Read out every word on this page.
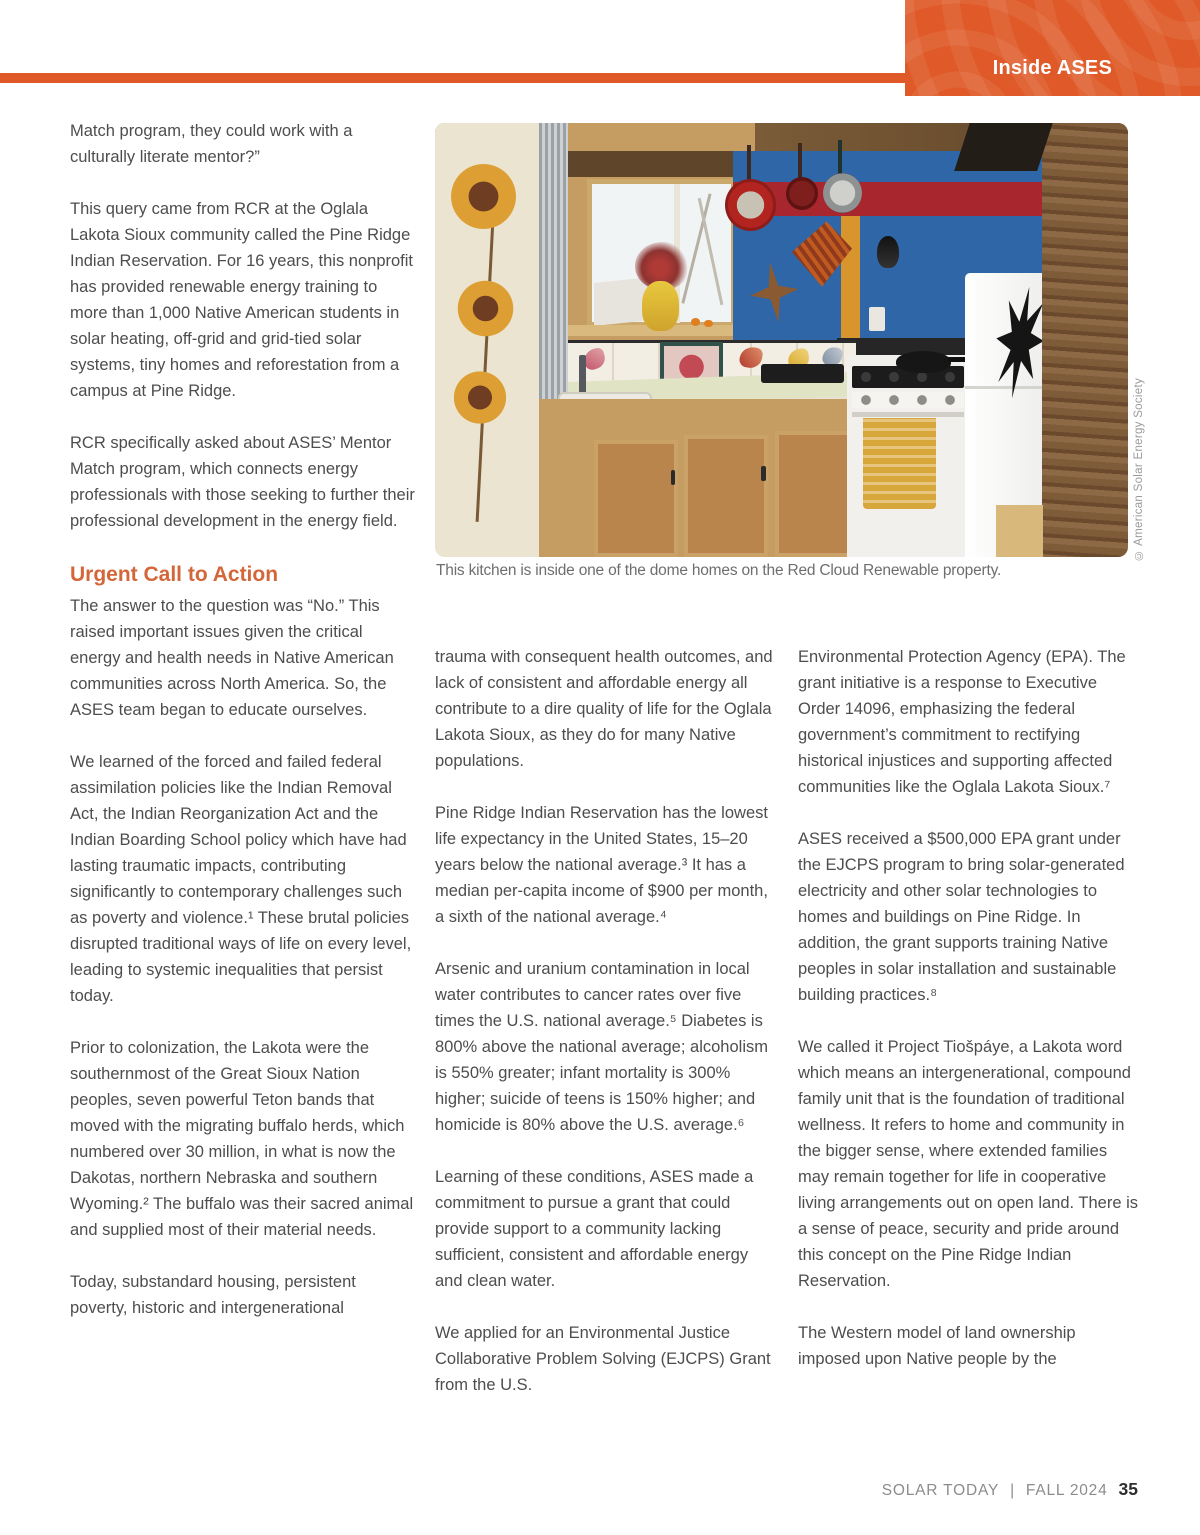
Inside ASES
This kitchen is inside one of the dome homes on the Red Cloud Renewable property.
© American Solar Energy Society

Match program, they could work with a culturally literate mentor?”

This query came from RCR at the Oglala Lakota Sioux community called the Pine Ridge Indian Reservation. For 16 years, this nonprofit has provided renewable energy training to more than 1,000 Native American students in solar heating, off-grid and grid-tied solar systems, tiny homes and reforestation from a campus at Pine Ridge.

RCR specifically asked about ASES’ Mentor Match program, which connects energy professionals with those seeking to further their professional development in the energy field.

Urgent Call to Action

The answer to the question was “No.” This raised important issues given the critical energy and health needs in Native American communities across North America. So, the ASES team began to educate ourselves.

We learned of the forced and failed federal assimilation policies like the Indian Removal Act, the Indian Reorganization Act and the Indian Boarding School policy which have had lasting traumatic impacts, contributing significantly to contemporary challenges such as poverty and violence.¹ These brutal policies disrupted traditional ways of life on every level, leading to systemic inequalities that persist today.

Prior to colonization, the Lakota were the southernmost of the Great Sioux Nation peoples, seven powerful Teton bands that moved with the migrating buffalo herds, which numbered over 30 million, in what is now the Dakotas, northern Nebraska and southern Wyoming.² The buffalo was their sacred animal and supplied most of their material needs.

Today, substandard housing, persistent poverty, historic and intergenerational

trauma with consequent health outcomes, and lack of consistent and affordable energy all contribute to a dire quality of life for the Oglala Lakota Sioux, as they do for many Native populations.

Pine Ridge Indian Reservation has the lowest life expectancy in the United States, 15–20 years below the national average.³ It has a median per-capita income of $900 per month, a sixth of the national average.⁴

Arsenic and uranium contamination in local water contributes to cancer rates over five times the U.S. national average.⁵ Diabetes is 800% above the national average; alcoholism is 550% greater; infant mortality is 300% higher; suicide of teens is 150% higher; and homicide is 80% above the U.S. average.⁶

Learning of these conditions, ASES made a commitment to pursue a grant that could provide support to a community lacking sufficient, consistent and affordable energy and clean water.

We applied for an Environmental Justice Collaborative Problem Solving (EJCPS) Grant from the U.S.

Environmental Protection Agency (EPA). The grant initiative is a response to Executive Order 14096, emphasizing the federal government’s commitment to rectifying historical injustices and supporting affected communities like the Oglala Lakota Sioux.⁷

ASES received a $500,000 EPA grant under the EJCPS program to bring solar-generated electricity and other solar technologies to homes and buildings on Pine Ridge. In addition, the grant supports training Native peoples in solar installation and sustainable building practices.⁸

We called it Project Tiošpáye, a Lakota word which means an intergenerational, compound family unit that is the foundation of traditional wellness. It refers to home and community in the bigger sense, where extended families may remain together for life in cooperative living arrangements out on open land. There is a sense of peace, security and pride around this concept on the Pine Ridge Indian Reservation.

The Western model of land ownership imposed upon Native people by the

SOLAR TODAY | FALL 2024 35
